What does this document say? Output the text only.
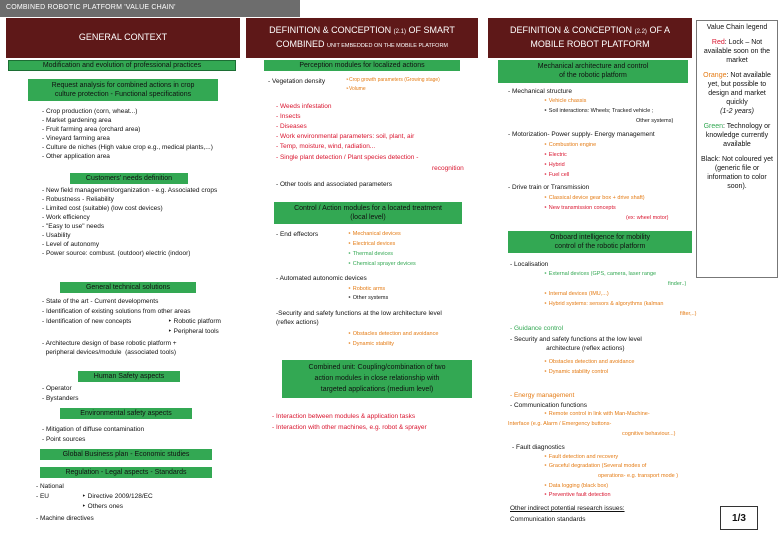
COMBINED ROBOTIC PLATFORM 'VALUE CHAIN'
GENERAL CONTEXT
Modification and evolution of professional practices
Request analysis for combined actions in crop
culture protection - Functional specifications
- Crop production (corn, wheat...)
- Market gardening area
- Fruit farming area (orchard area)
- Vineyard farming area
- Culture de niches (High value crop e.g., medical plants,...)
- Other application area
Customers' needs definition
- New field management/organization - e.g. Associated crops
- Robustness - Reliability
- Limited cost (suitable) (low cost devices)
- Work efficiency
- "Easy to use" needs
- Usability
- Level of autonomy
- Power source: combust. (outdoor) electric (indoor)
General technical solutions
- State of the art - Current developments
- Identification of existing solutions from other areas
- Identification of new concepts	‣ Robotic platform
‣ Peripheral tools
- Architecture design of base robotic platform +
peripheral devices/module  (associated tools)
Human Safety aspects
- Operator
- Bystanders
Environmental safety aspects
- Mitigation of diffuse contamination
- Point sources
Global Business plan - Economic studies
Regulation - Legal aspects - Standards
- National
- EU	‣ Directive 2009/128/EC
‣ Others ones
- Machine directives
DEFINITION & CONCEPTION (2.1) OF SMART
COMBINED UNIT EMBEDDED ON THE MOBILE PLATFORM
Perception modules for localized actions
- Vegetation density	‣Crop growth parameters (Growing stage)
‣Volume
- Weeds infestation
- Insects
- Diseases
- Work environmental parameters: soil, plant, air
- Temp, moisture, wind, radiation...
- Single plant detection / Plant species detection -
recognition
- Other tools and associated parameters
Control / Action modules for a located treatment
(local level)
- End effectors	‣ Mechanical devices
‣ Electrical devices
‣ Thermal devices
‣ Chemical sprayer devices
- Automated autonomic devices
‣ Robotic arms
‣ Other systems
-Security and safety functions at the low architecture level
(reflex actions)
‣ Obstacles detection and avoidance
‣ Dynamic stability
Combined unit: Coupling/combination of two
action modules in close relationship with
targeted applications (medium level)
- Interaction between modules & application tasks
- Interaction with other machines, e.g. robot & sprayer
DEFINITION & CONCEPTION (2.2) OF A
MOBILE ROBOT PLATFORM
Mechanical architecture and control
of the robotic platform
- Mechanical structure
‣ Vehicle chassis
‣ Soil interactions: Wheels; Tracked vehicle ;
Other systems)
- Motorization- Power supply- Energy management
‣ Combustion engine
‣ Electric
‣ Hybrid
‣ Fuel cell
- Drive train or Transmission
‣ Classical device gear box + drive shaft)
‣ New transmission concepts
(ex: wheel motor)
Onboard intelligence for mobility
control of the robotic platform
- Localisation
‣ External devices (GPS, camera, laser range
finder..)
‣ Internal devices (IMU,...)
‣ Hybrid systems: sensors & algorythms (kalman
filter,..)
- Guidance control
- Security and safety functions at the low level
architecture (reflex actions)
‣ Obstacles detection and avoidance
‣ Dynamic stability control
- Energy management
- Communication functions
‣ Remote control in link with Man-Machine-
Interface (e.g. Alarm / Emergency buttons-
cognitive behaviour...)
- Fault diagnostics
‣ Fault detection and recovery
‣ Graceful degradation (Several modes of
operations- e.g. transport mode )
‣ Data logging (black box)
‣ Preventive fault detection
Other indirect potential research issues:
Communication standards

Value Chain legend

Red: Lock – Not available soon on the market

Orange: Not available yet, but possible to design and market quickly
(1-2 years)

Green: Technology or knowledge currently available

Black: Not coloured yet (generic file or information to color soon).

1/3
